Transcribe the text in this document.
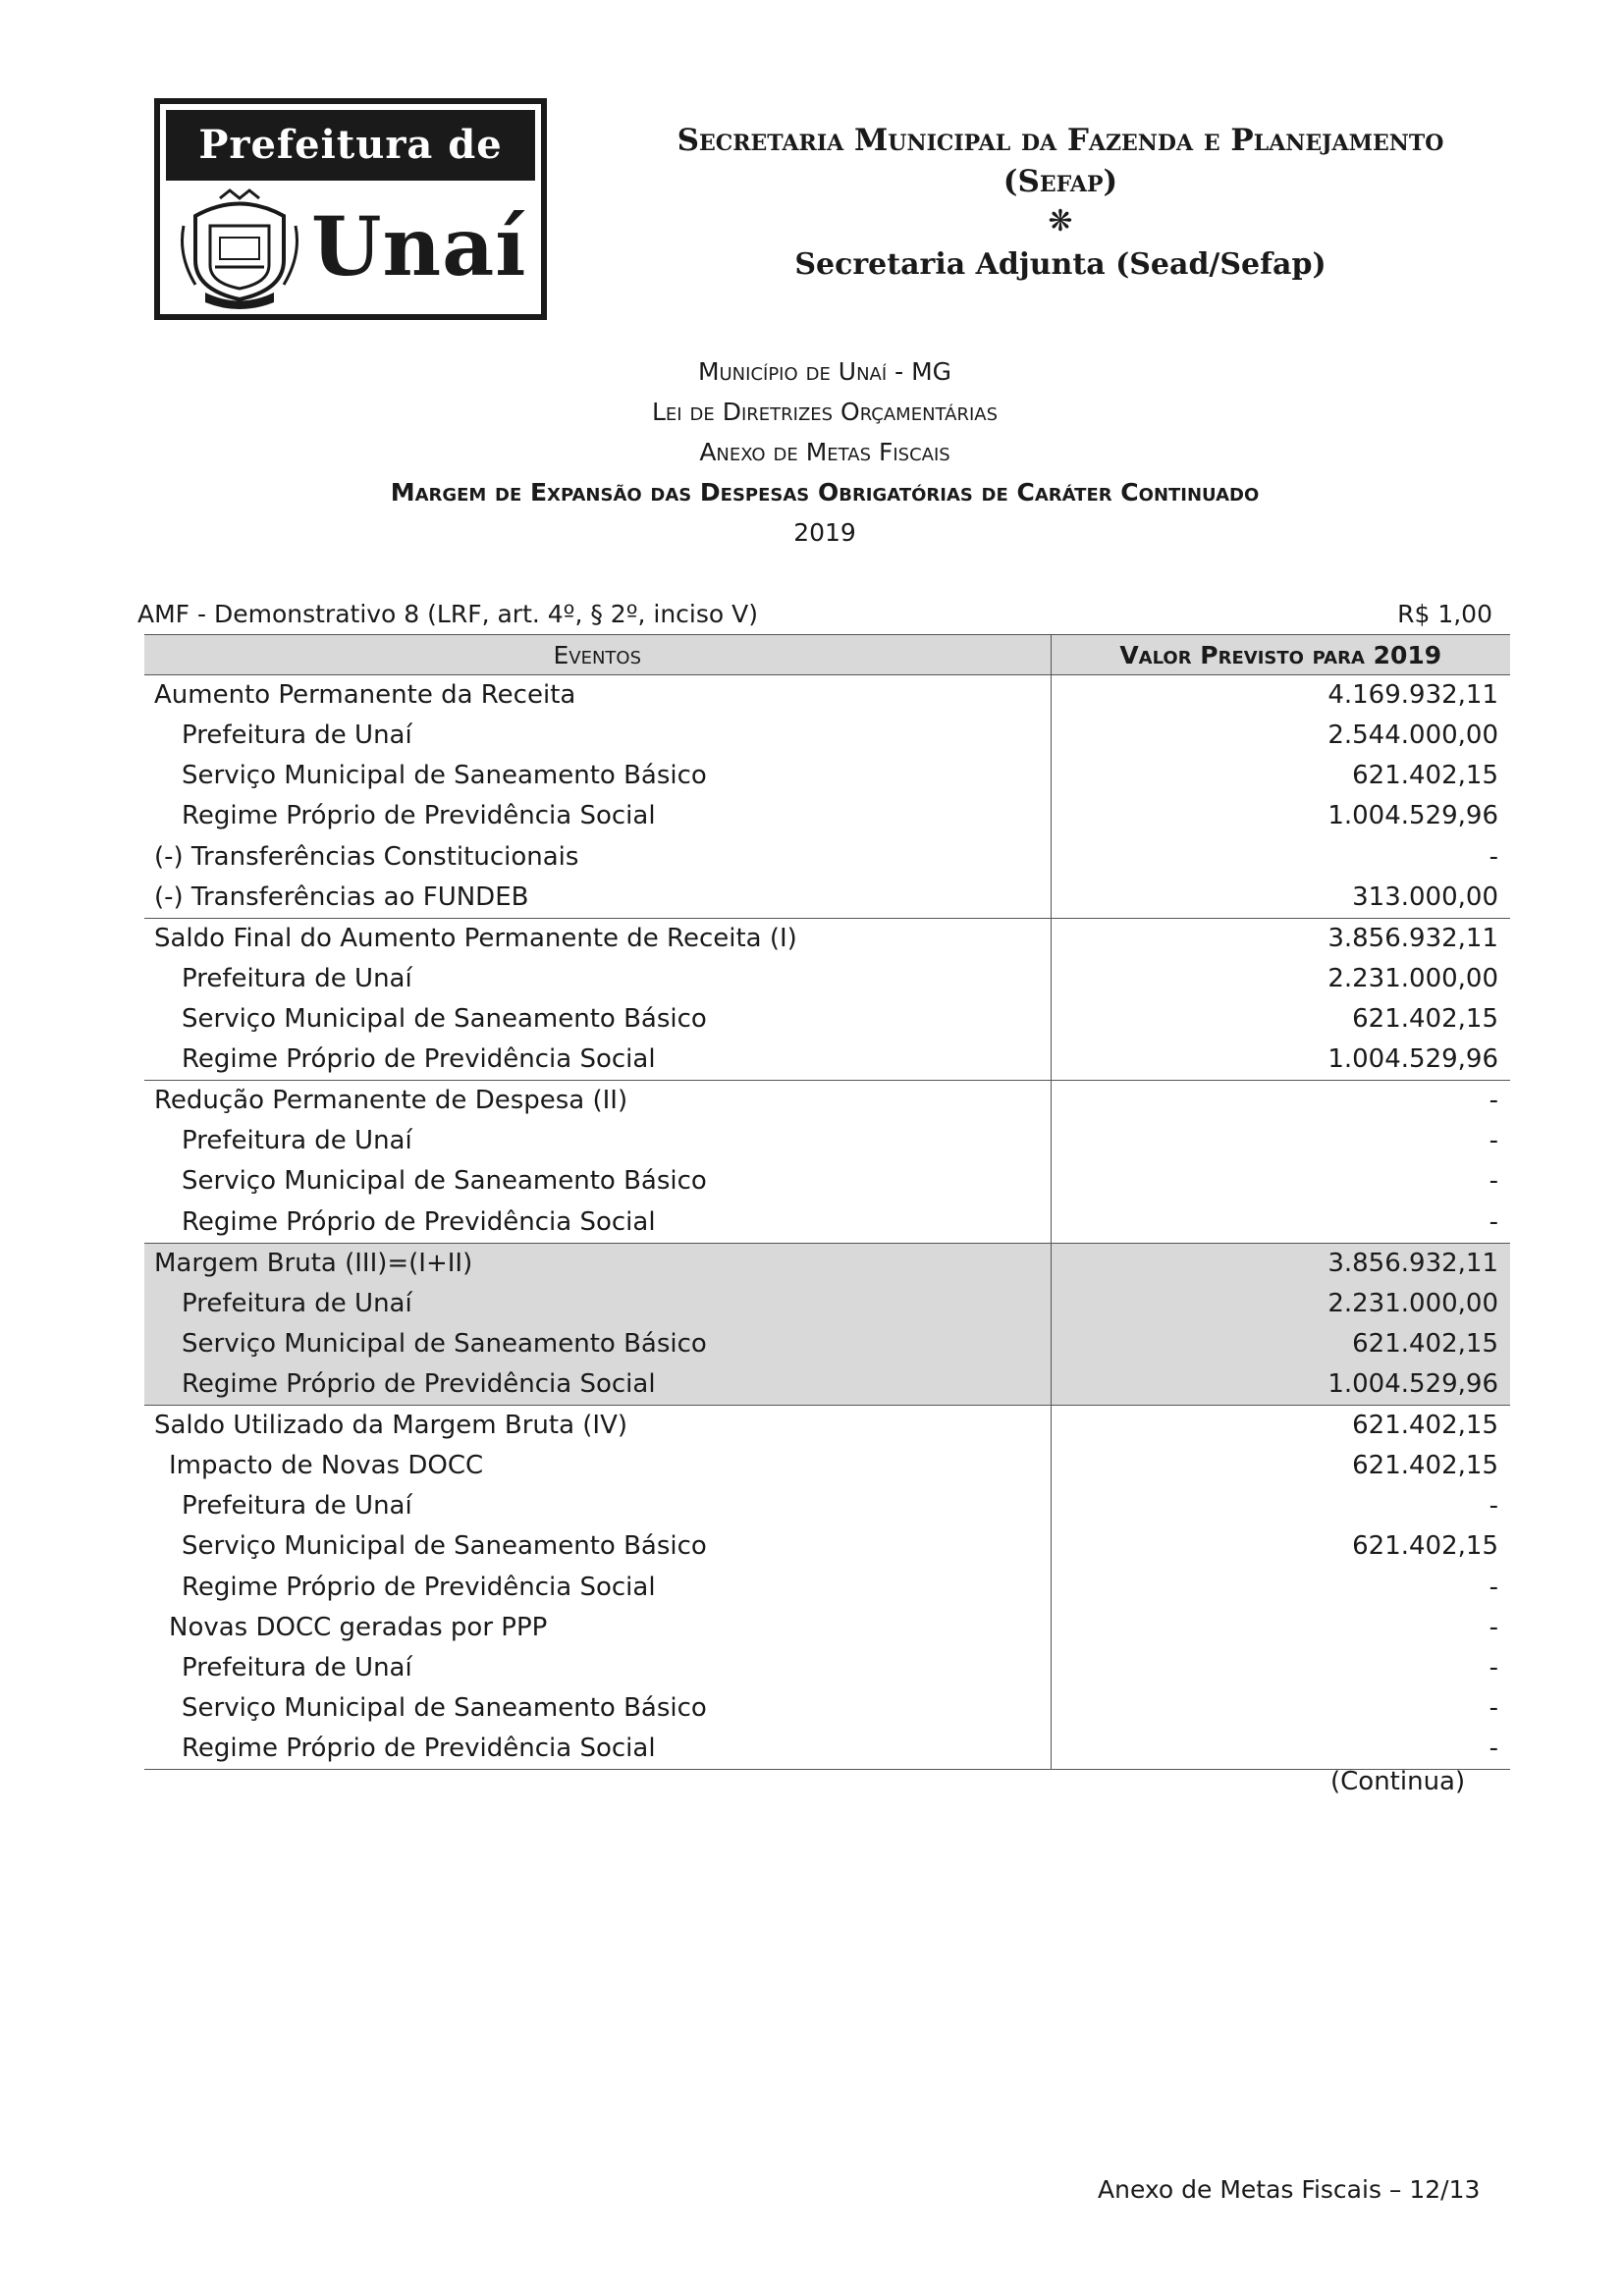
Prefeitura de
Unaí
Secretaria Municipal da Fazenda e Planejamento
(Sefap)
❋
Secretaria Adjunta (Sead/Sefap)
Município de Unaí - MG
Lei de Diretrizes Orçamentárias
Anexo de Metas Fiscais
Margem de Expansão das Despesas Obrigatórias de Caráter Continuado
2019
AMF - Demonstrativo 8 (LRF, art. 4º, § 2º, inciso V)	R$ 1,00
Eventos	Valor Previsto para 2019
Aumento Permanente da Receita	4.169.932,11
Prefeitura de Unaí	2.544.000,00
Serviço Municipal de Saneamento Básico	621.402,15
Regime Próprio de Previdência Social	1.004.529,96
(-) Transferências Constitucionais	-
(-) Transferências ao FUNDEB	313.000,00
Saldo Final do Aumento Permanente de Receita (I)	3.856.932,11
Prefeitura de Unaí	2.231.000,00
Serviço Municipal de Saneamento Básico	621.402,15
Regime Próprio de Previdência Social	1.004.529,96
Redução Permanente de Despesa (II)	-
Prefeitura de Unaí	-
Serviço Municipal de Saneamento Básico	-
Regime Próprio de Previdência Social	-
Margem Bruta (III)=(I+II)	3.856.932,11
Prefeitura de Unaí	2.231.000,00
Serviço Municipal de Saneamento Básico	621.402,15
Regime Próprio de Previdência Social	1.004.529,96
Saldo Utilizado da Margem Bruta (IV)	621.402,15
Impacto de Novas DOCC	621.402,15
Prefeitura de Unaí	-
Serviço Municipal de Saneamento Básico	621.402,15
Regime Próprio de Previdência Social	-
Novas DOCC geradas por PPP	-
Prefeitura de Unaí	-
Serviço Municipal de Saneamento Básico	-
Regime Próprio de Previdência Social	-
(Continua)
Anexo de Metas Fiscais – 12/13
